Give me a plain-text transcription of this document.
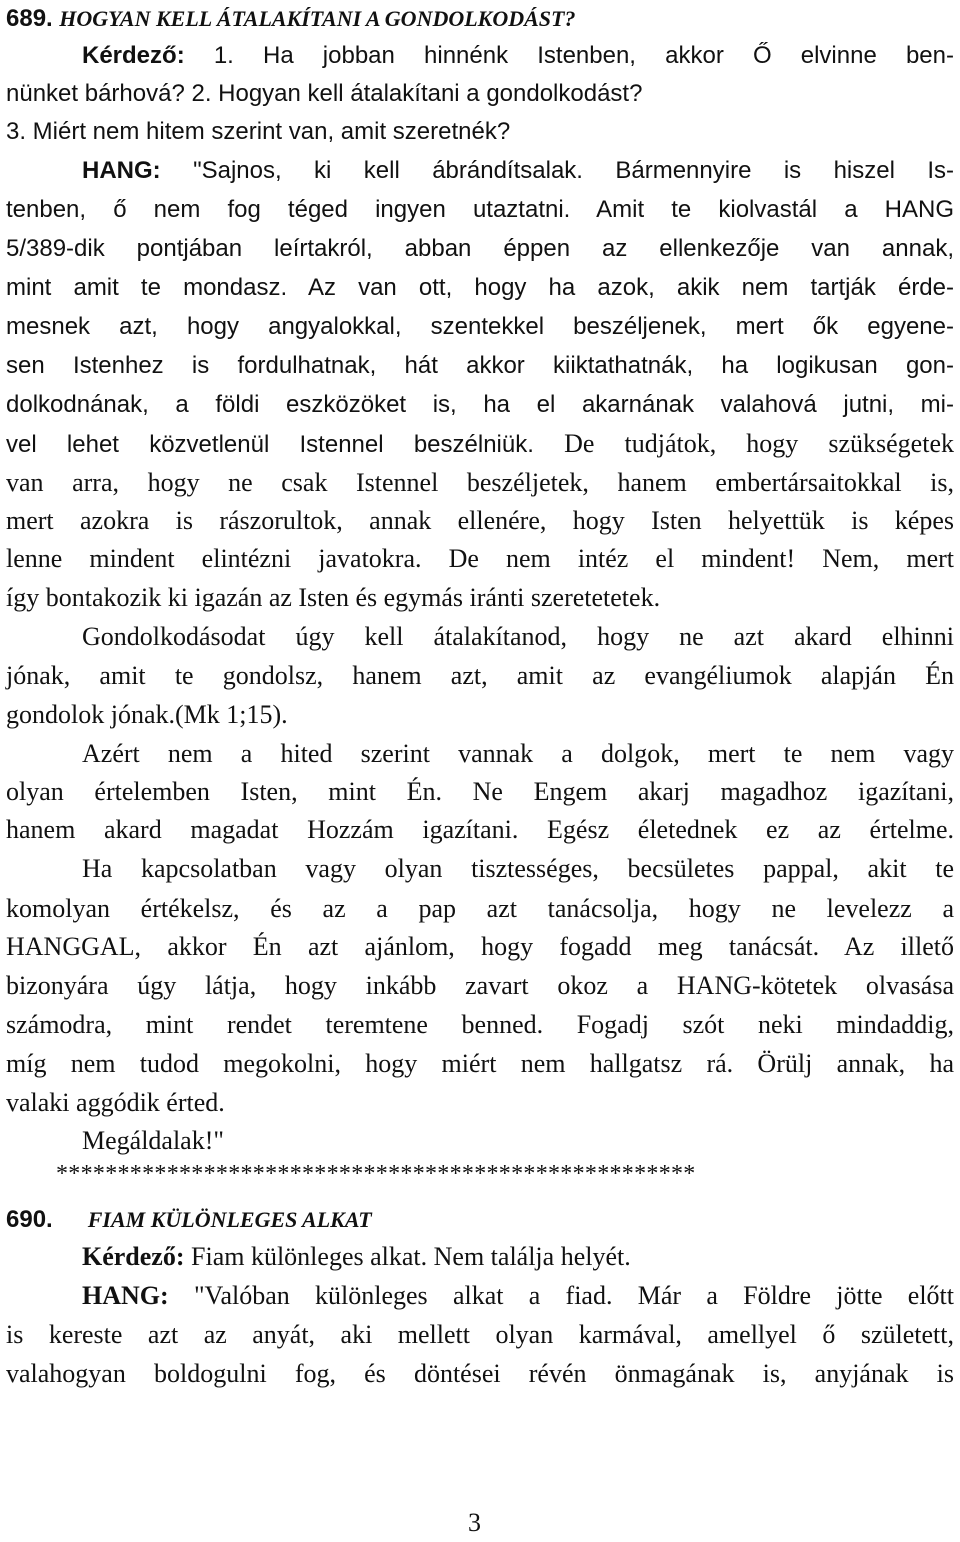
689. HOGYAN KELL ÁTALAKÍTANI A GONDOLKODÁST?
Kérdező: 1. Ha jobban hinnénk Istenben, akkor Ő elvinne ben-
nünket bárhová? 2. Hogyan kell átalakítani a gondolkodást?
3. Miért nem hitem szerint van, amit szeretnék?
HANG: "Sajnos, ki kell ábrándítsalak. Bármennyire is hiszel Is-
tenben, ő nem fog téged ingyen utaztatni. Amit te kiolvastál a HANG
5/389-dik pontjában leírtakról, abban éppen az ellenkezője van annak,
mint amit te mondasz. Az van ott, hogy ha azok, akik nem tartják érde-
mesnek azt, hogy angyalokkal, szentekkel beszéljenek, mert ők egyene-
sen Istenhez is fordulhatnak, hát akkor kiiktathatnák, ha logikusan gon-
dolkodnának, a földi eszközöket is, ha el akarnának valahová jutni, mi-
vel lehet közvetlenül Istennel beszélniük. De tudjátok, hogy szükségetek
van arra, hogy ne csak Istennel beszéljetek, hanem embertársaitokkal is,
mert azokra is rászorultok, annak ellenére, hogy Isten helyettük is képes
lenne mindent elintézni javatokra. De nem intéz el mindent! Nem, mert
így bontakozik ki igazán az Isten és egymás iránti szeretetetek.
Gondolkodásodat úgy kell átalakítanod, hogy ne azt akard elhinni
jónak, amit te gondolsz, hanem azt, amit az evangéliumok alapján Én
gondolok jónak.(Mk 1;15).
Azért nem a hited szerint vannak a dolgok, mert te nem vagy
olyan értelemben Isten, mint Én. Ne Engem akarj magadhoz igazítani,
hanem akard magadat Hozzám igazítani. Egész életednek ez az értelme.
Ha kapcsolatban vagy olyan tisztességes, becsületes pappal, akit te
komolyan értékelsz, és az a pap azt tanácsolja, hogy ne levelezz a
HANGGAL, akkor Én azt ajánlom, hogy fogadd meg tanácsát. Az illető
bizonyára úgy látja, hogy inkább zavart okoz a HANG-kötetek olvasása
számodra, mint rendet teremtene benned. Fogadj szót neki mindaddig,
míg nem tudod megokolni, hogy miért nem hallgatsz rá. Örülj annak, ha
valaki aggódik érted.
Megáldalak!"
****************************************************
690. FIAM KÜLÖNLEGES ALKAT
Kérdező: Fiam különleges alkat. Nem találja helyét.
HANG: "Valóban különleges alkat a fiad. Már a Földre jötte előtt
is kereste azt az anyát, aki mellett olyan karmával, amellyel ő született,
valahogyan boldogulni fog, és döntései révén önmagának is, anyjának is
3
